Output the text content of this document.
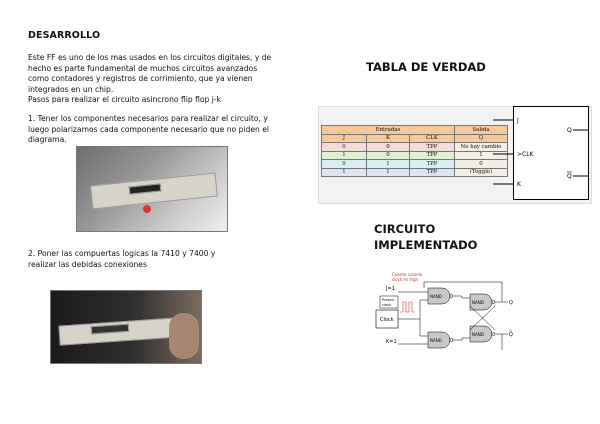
DESARROLLO
Este FF es uno de los mas usados en los circuitos digitales, y de
hecho es parte fundamental de muchos circuitos avanzados
como contadores y registros de corrimiento, que ya vienen
integrados en un chip.
Pasos para realizar el circuito asincrono flip flop j-k
1. Tener los componentes necesarios para realizar el circuito, y
luego polarizamos cada componente necesario que no piden el
diagrama.
2. Poner las compuertas logicas la 7410 y 7400 y
realizar las debidas conexiones
TABLA DE VERDAD
Entradas			Salida
J	K	CLK	Q
0	0	TPP	No hay cambio
1	0	TPP	1
0	1	TPP	0
1	1	TPP	(Toggle)
J
>CLK
K
Q
Q
CIRCUITO
IMPLEMENTADO
Cuenta cuando
clock es high
J=1
Pulsed
clock
Clock
K=1
NAND
NAND
NAND
NAND
Q
Q
